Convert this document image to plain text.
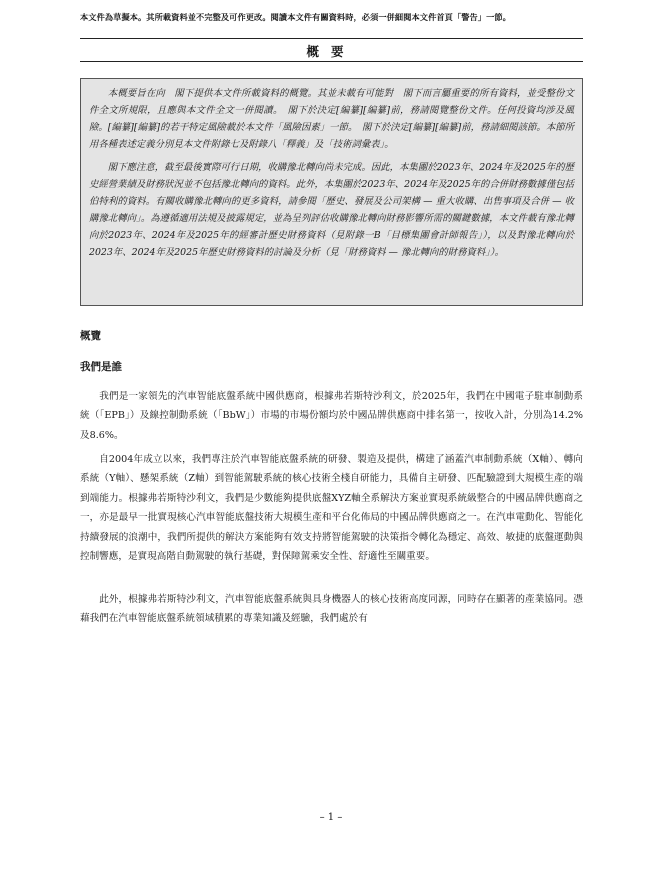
本文件為草擬本。其所載資料並不完整及可作更改。閱讀本文件有關資料時，必須一併細閱本文件首頁「警告」一節。
概要

本概要旨在向　閣下提供本文件所載資料的概覽。其並未載有可能對　閣下而言屬重要的所有資料，並受整份文件全文所規限，且應與本文件全文一併閱讀。　閣下於決定[編纂][編纂]前，務請閱覽整份文件。任何投資均涉及風險。[編纂][編纂]的若干特定風險載於本文件「風險因素」一節。　閣下於決定[編纂][編纂]前，務請細閱該節。本節所用各種表述定義分別見本文件附錄七及附錄八「釋義」及「技術詞彙表」。

閣下應注意，截至最後實際可行日期，收購豫北轉向尚未完成。因此，本集團於2023年、2024年及2025年的歷史經營業績及財務狀況並不包括豫北轉向的資料。此外，本集團於2023年、2024年及2025年的合併財務數據僅包括伯特利的資料。有關收購豫北轉向的更多資料，請參閱「歷史、發展及公司架構 — 重大收購、出售事項及合併 — 收購豫北轉向」。為遵循適用法規及披露規定，並為呈列評估收購豫北轉向財務影響所需的關鍵數據，本文件載有豫北轉向於2023年、2024年及2025年的經審計歷史財務資料（見附錄一B「目標集團會計師報告」），以及對豫北轉向於2023年、2024年及2025年歷史財務資料的討論及分析（見「財務資料 — 豫北轉向的財務資料」）。

概覽
我們是誰

我們是一家領先的汽車智能底盤系統中國供應商，根據弗若斯特沙利文，於2025年，我們在中國電子駐車制動系統（「EPB」）及線控制動系統（「BbW」）市場的市場份額均於中國品牌供應商中排名第一，按收入計，分別為14.2%及8.6%。

自2004年成立以來，我們專注於汽車智能底盤系統的研發、製造及提供，構建了涵蓋汽車制動系統（X軸）、轉向系統（Y軸）、懸架系統（Z軸）到智能駕駛系統的核心技術全棧自研能力，具備自主研發、匹配驗證到大規模生產的端到端能力。根據弗若斯特沙利文，我們是少數能夠提供底盤XYZ軸全系解決方案並實現系統級整合的中國品牌供應商之一，亦是最早一批實現核心汽車智能底盤技術大規模生產和平台化佈局的中國品牌供應商之一。在汽車電動化、智能化持續發展的浪潮中，我們所提供的解決方案能夠有效支持將智能駕駛的決策指令轉化為穩定、高效、敏捷的底盤運動與控制響應，是實現高階自動駕駛的執行基礎，對保障駕乘安全性、舒適性至關重要。

此外，根據弗若斯特沙利文，汽車智能底盤系統與具身機器人的核心技術高度同源，同時存在顯著的產業協同。憑藉我們在汽車智能底盤系統領域積累的專業知識及經驗，我們處於有

– 1 –
